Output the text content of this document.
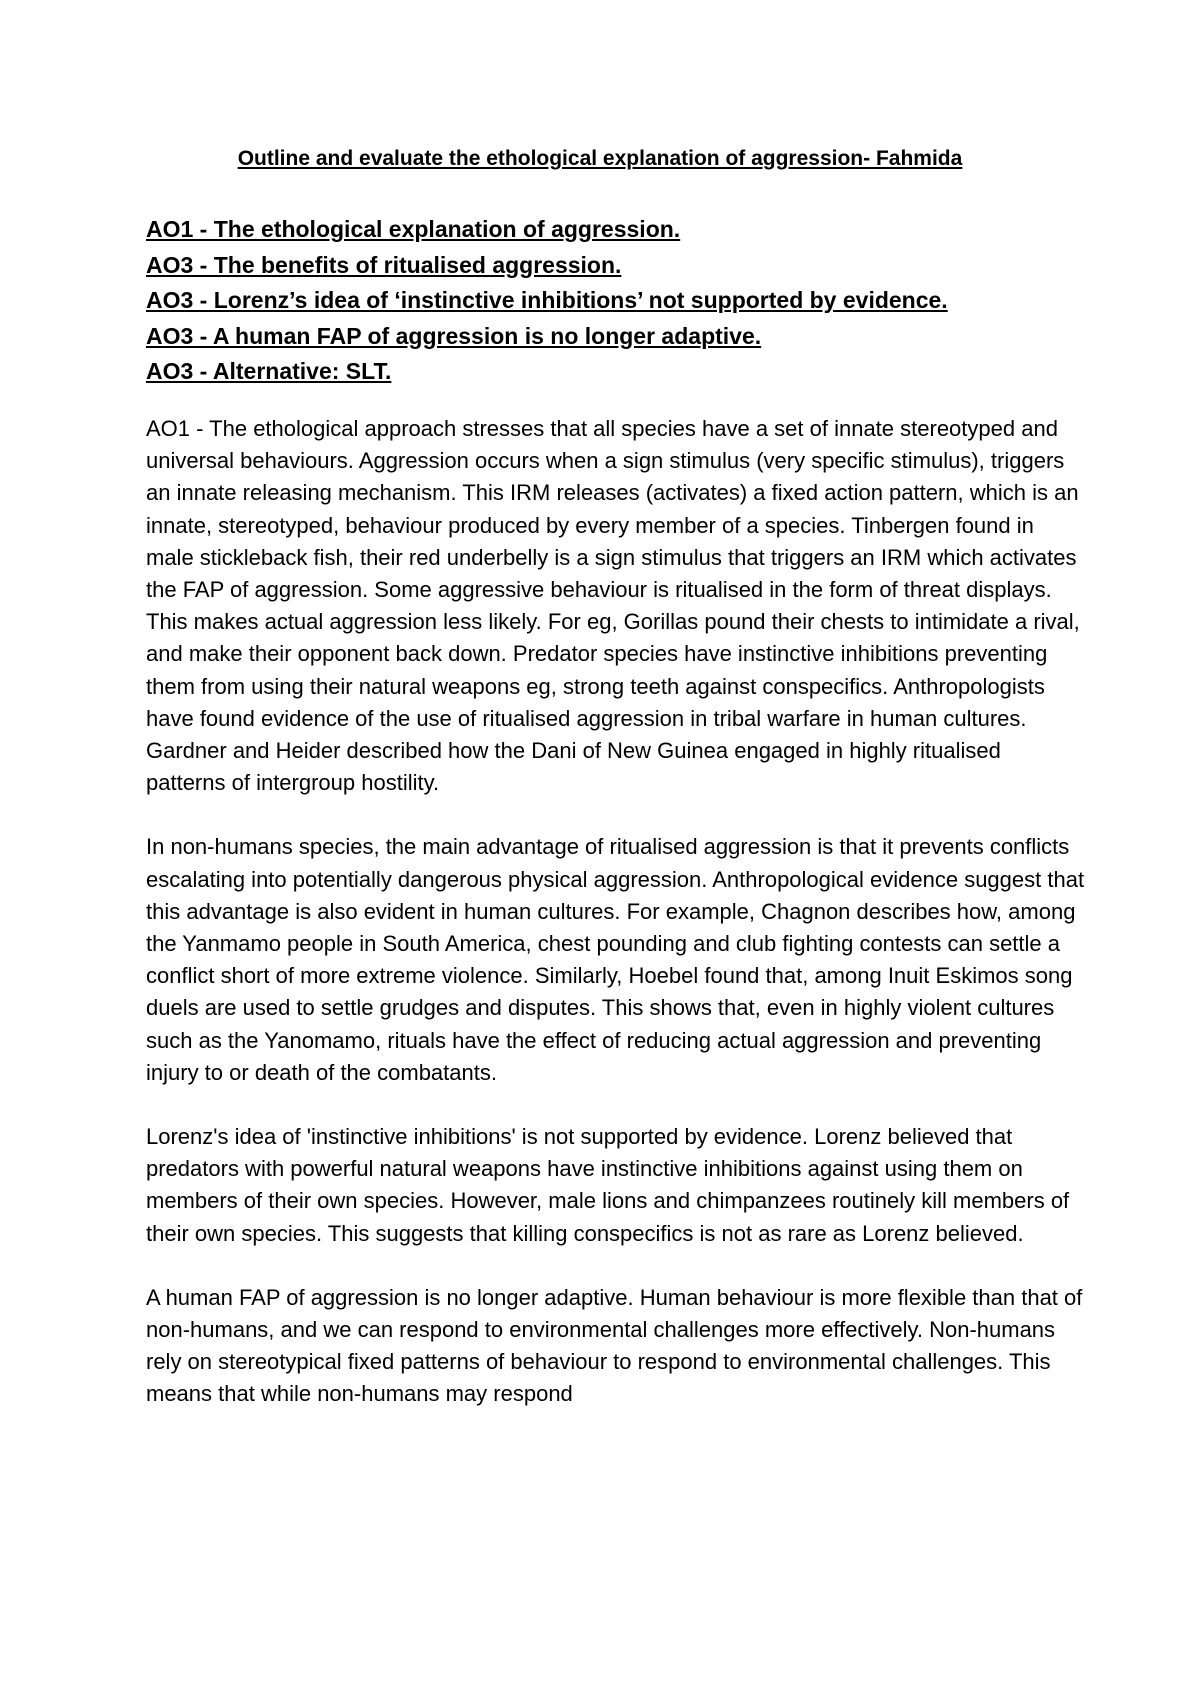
Outline and evaluate the ethological explanation of aggression- Fahmida
AO1 - The ethological explanation of aggression.
AO3 - The benefits of ritualised aggression.
AO3 - Lorenz’s idea of ‘instinctive inhibitions’ not supported by evidence.
AO3 - A human FAP of aggression is no longer adaptive.
AO3 - Alternative: SLT.

AO1 - The ethological approach stresses that all species have a set of innate stereotyped and universal behaviours. Aggression occurs when a sign stimulus (very specific stimulus), triggers an innate releasing mechanism. This IRM releases (activates) a fixed action pattern, which is an innate, stereotyped, behaviour produced by every member of a species. Tinbergen found in male stickleback fish, their red underbelly is a sign stimulus that triggers an IRM which activates the FAP of aggression. Some aggressive behaviour is ritualised in the form of threat displays. This makes actual aggression less likely. For eg, Gorillas pound their chests to intimidate a rival, and make their opponent back down. Predator species have instinctive inhibitions preventing them from using their natural weapons eg, strong teeth against conspecifics. Anthropologists have found evidence of the use of ritualised aggression in tribal warfare in human cultures. Gardner and Heider described how the Dani of New Guinea engaged in highly ritualised patterns of intergroup hostility.

In non-humans species, the main advantage of ritualised aggression is that it prevents conflicts escalating into potentially dangerous physical aggression. Anthropological evidence suggest that this advantage is also evident in human cultures. For example, Chagnon describes how, among the Yanmamo people in South America, chest pounding and club fighting contests can settle a conflict short of more extreme violence. Similarly, Hoebel found that, among Inuit Eskimos song duels are used to settle grudges and disputes. This shows that, even in highly violent cultures such as the Yanomamo, rituals have the effect of reducing actual aggression and preventing injury to or death of the combatants.

Lorenz's idea of 'instinctive inhibitions' is not supported by evidence. Lorenz believed that predators with powerful natural weapons have instinctive inhibitions against using them on members of their own species. However, male lions and chimpanzees routinely kill members of their own species. This suggests that killing conspecifics is not as rare as Lorenz believed.

A human FAP of aggression is no longer adaptive. Human behaviour is more flexible than that of non-humans, and we can respond to environmental challenges more effectively. Non-humans rely on stereotypical fixed patterns of behaviour to respond to environmental challenges. This means that while non-humans may respond
